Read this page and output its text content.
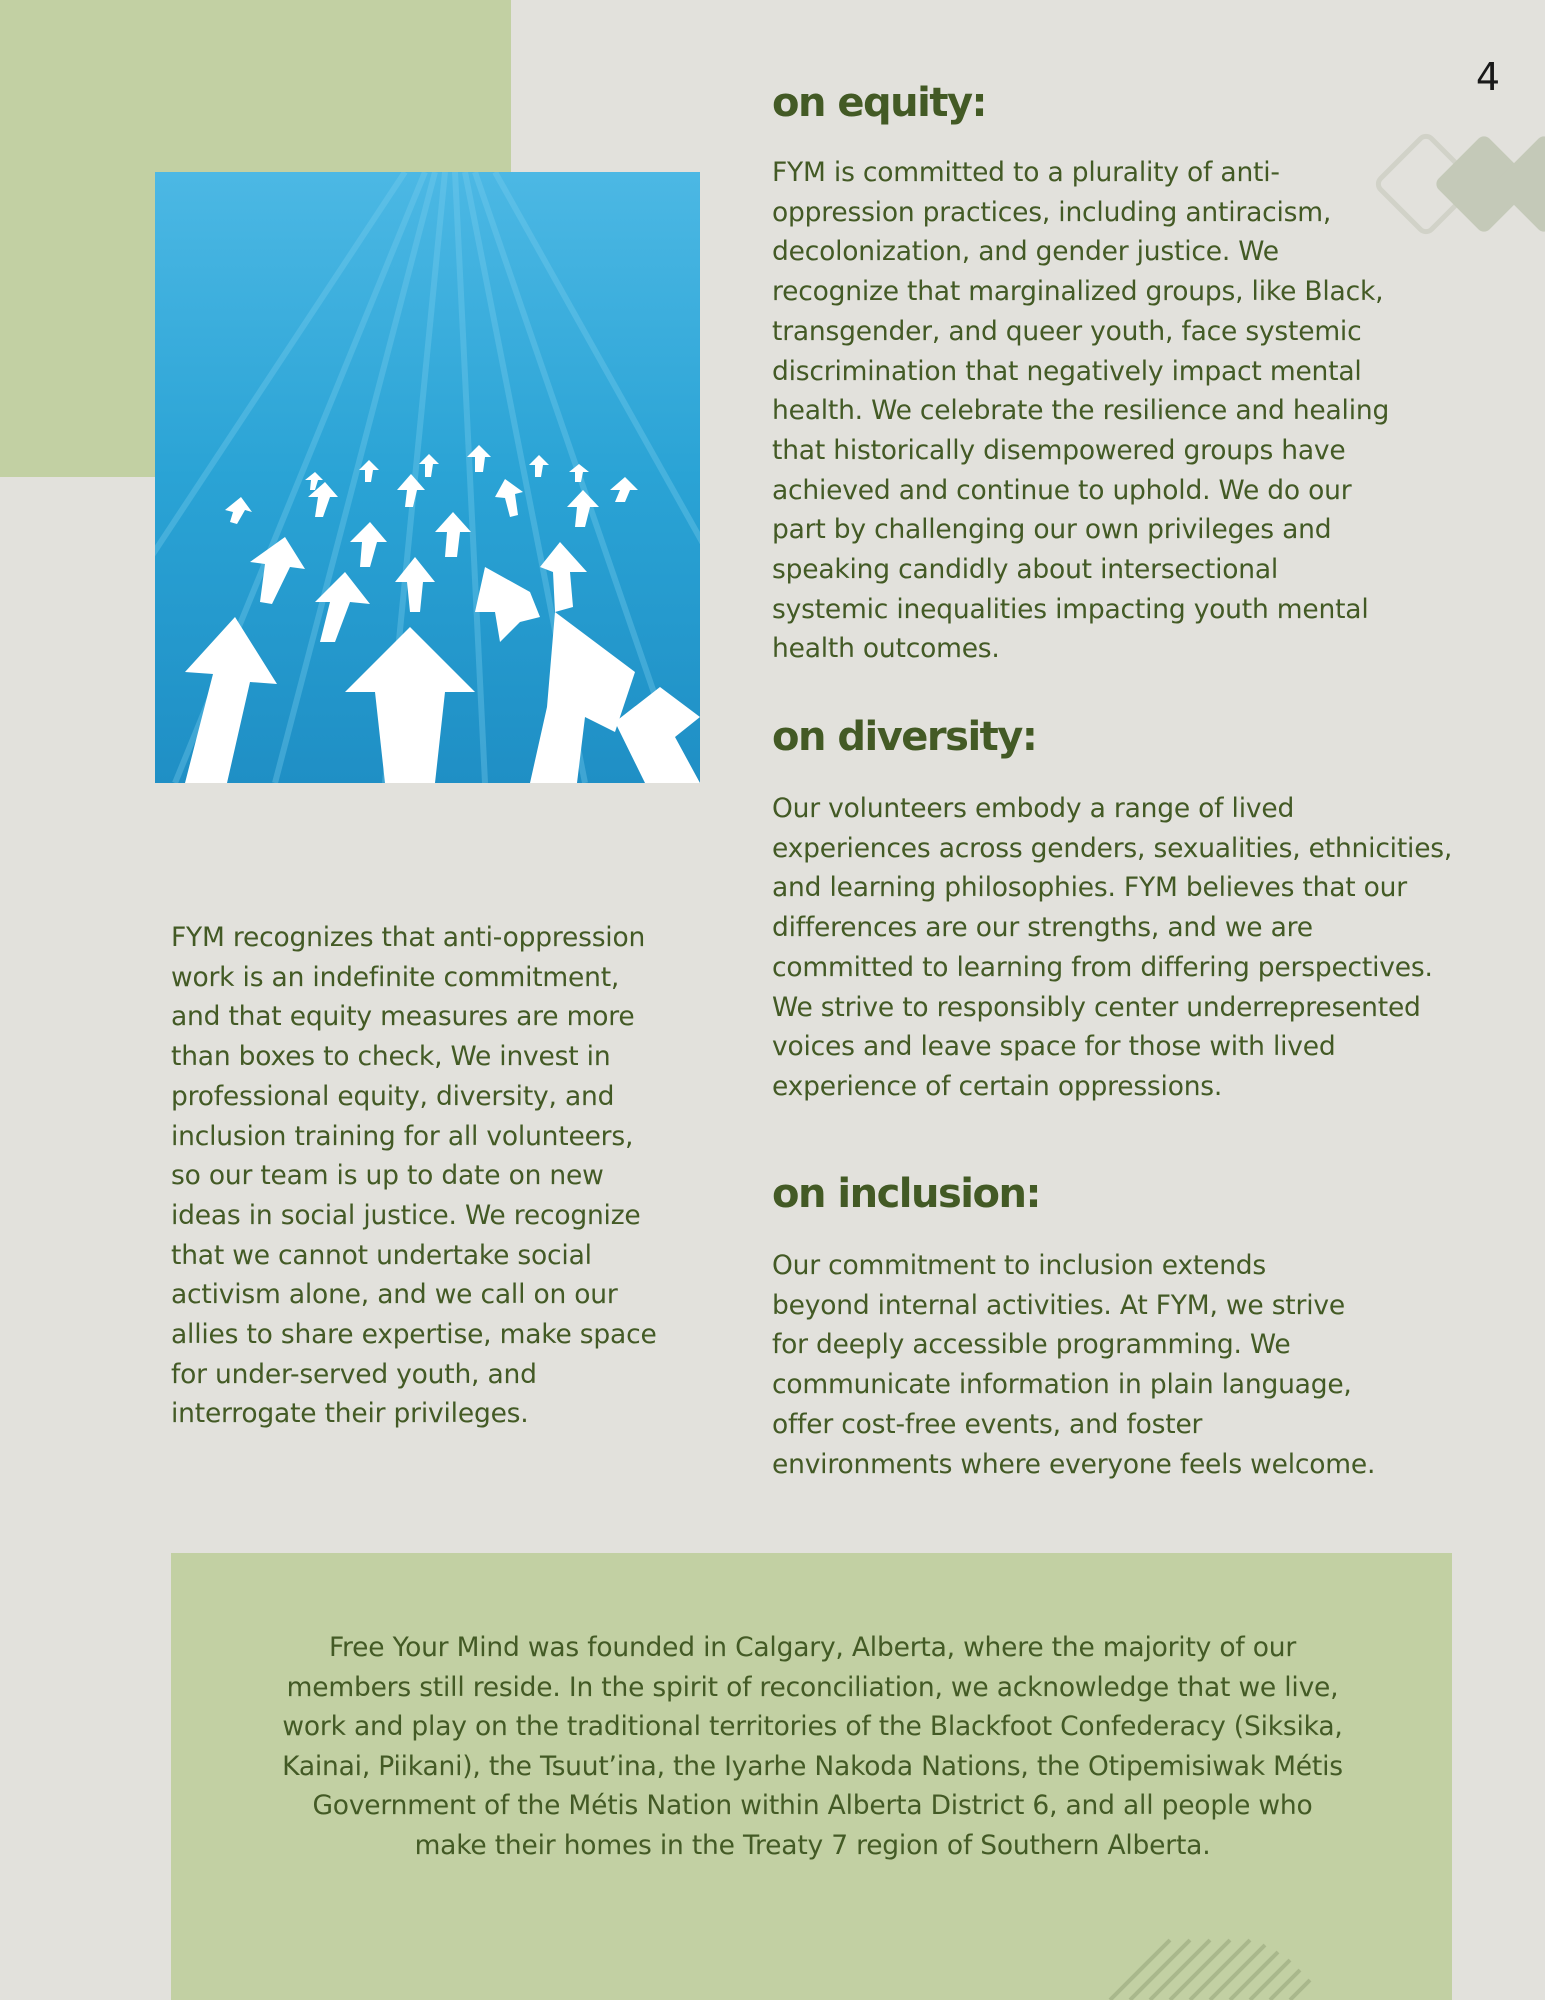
4
on equity:
FYM is committed to a plurality of anti-
oppression practices, including antiracism,
decolonization, and gender justice. We
recognize that marginalized groups, like Black,
transgender, and queer youth, face systemic
discrimination that negatively impact mental
health. We celebrate the resilience and healing
that historically disempowered groups have
achieved and continue to uphold. We do our
part by challenging our own privileges and
speaking candidly about intersectional
systemic inequalities impacting youth mental
health outcomes.
on diversity:
Our volunteers embody a range of lived
experiences across genders, sexualities, ethnicities,
and learning philosophies. FYM believes that our
differences are our strengths, and we are
committed to learning from differing perspectives.
We strive to responsibly center underrepresented
voices and leave space for those with lived
experience of certain oppressions.
on inclusion:
Our commitment to inclusion extends
beyond internal activities. At FYM, we strive
for deeply accessible programming. We
communicate information in plain language,
offer cost-free events, and foster
environments where everyone feels welcome.
FYM recognizes that anti-oppression
work is an indefinite commitment,
and that equity measures are more
than boxes to check, We invest in
professional equity, diversity, and
inclusion training for all volunteers,
so our team is up to date on new
ideas in social justice. We recognize
that we cannot undertake social
activism alone, and we call on our
allies to share expertise, make space
for under-served youth, and
interrogate their privileges.
Free Your Mind was founded in Calgary, Alberta, where the majority of our
members still reside. In the spirit of reconciliation, we acknowledge that we live,
work and play on the traditional territories of the Blackfoot Confederacy (Siksika,
Kainai, Piikani), the Tsuut’ina, the Iyarhe Nakoda Nations, the Otipemisiwak Métis
Government of the Métis Nation within Alberta District 6, and all people who
make their homes in the Treaty 7 region of Southern Alberta.
